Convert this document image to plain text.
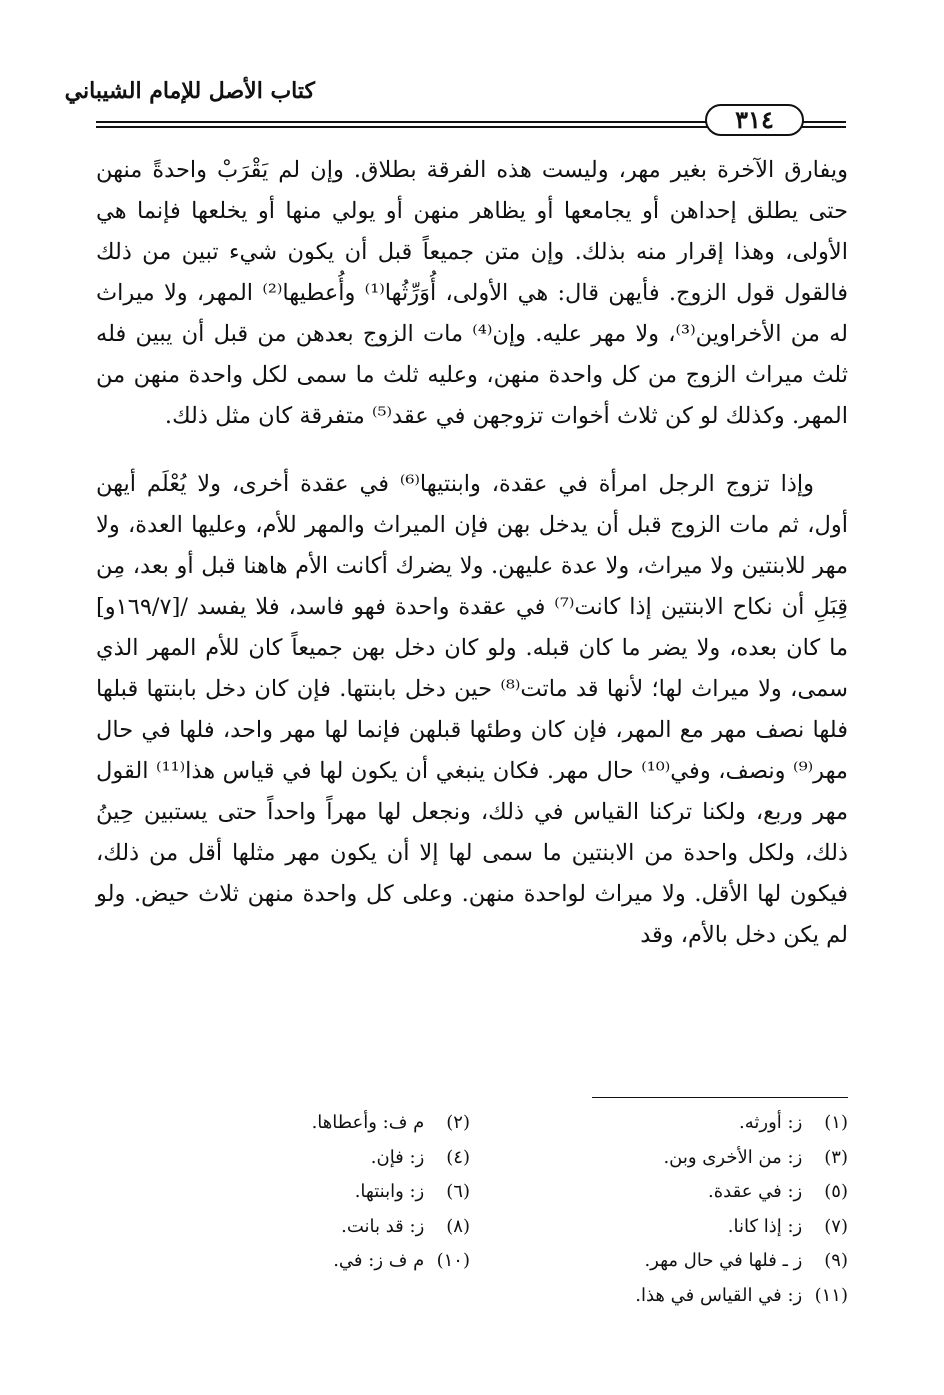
كتاب الأصل للإمام الشيباني
٣١٤

ويفارق الآخرة بغير مهر، وليست هذه الفرقة بطلاق. وإن لم يَقْرَبْ واحدةً منهن حتى يطلق إحداهن أو يجامعها أو يظاهر منهن أو يولي منها أو يخلعها فإنما هي الأولى، وهذا إقرار منه بذلك. وإن متن جميعاً قبل أن يكون شيء تبين من ذلك فالقول قول الزوج. فأيهن قال: هي الأولى، أُوَرِّثُها⁽¹⁾ وأُعطيها⁽²⁾ المهر، ولا ميراث له من الأخراوين⁽³⁾، ولا مهر عليه. وإن⁽⁴⁾ مات الزوج بعدهن من قبل أن يبين فله ثلث ميراث الزوج من كل واحدة منهن، وعليه ثلث ما سمى لكل واحدة منهن من المهر. وكذلك لو كن ثلاث أخوات تزوجهن في عقد⁽⁵⁾ متفرقة كان مثل ذلك.

وإذا تزوج الرجل امرأة في عقدة، وابنتيها⁽⁶⁾ في عقدة أخرى، ولا يُعْلَم أيهن أول، ثم مات الزوج قبل أن يدخل بهن فإن الميراث والمهر للأم، وعليها العدة، ولا مهر للابنتين ولا ميراث، ولا عدة عليهن. ولا يضرك أكانت الأم هاهنا قبل أو بعد، مِن قِبَلِ أن نكاح الابنتين إذا كانت⁽⁷⁾ في عقدة واحدة فهو فاسد، فلا يفسد /[١٦٩/٧و] ما كان بعده، ولا يضر ما كان قبله. ولو كان دخل بهن جميعاً كان للأم المهر الذي سمى، ولا ميراث لها؛ لأنها قد ماتت⁽⁸⁾ حين دخل بابنتها. فإن كان دخل بابنتها قبلها فلها نصف مهر مع المهر، فإن كان وطئها قبلهن فإنما لها مهر واحد، فلها في حال مهر⁽⁹⁾ ونصف، وفي⁽¹⁰⁾ حال مهر. فكان ينبغي أن يكون لها في قياس هذا⁽¹¹⁾ القول مهر وربع، ولكنا تركنا القياس في ذلك، ونجعل لها مهراً واحداً حتى يستبين حِينُ ذلك، ولكل واحدة من الابنتين ما سمى لها إلا أن يكون مهر مثلها أقل من ذلك، فيكون لها الأقل. ولا ميراث لواحدة منهن. وعلى كل واحدة منهن ثلاث حيض. ولو لم يكن دخل بالأم، وقد

(١) ز: أورثه.
(٢) م ف: وأعطاها.
(٣) ز: من الأخرى وبن.
(٤) ز: فإن.
(٥) ز: في عقدة.
(٦) ز: وابنتها.
(٧) ز: إذا كانا.
(٨) ز: قد بانت.
(٩) ز ـ فلها في حال مهر.
(١٠) م ف ز: في.
(١١) ز: في القياس في هذا.
